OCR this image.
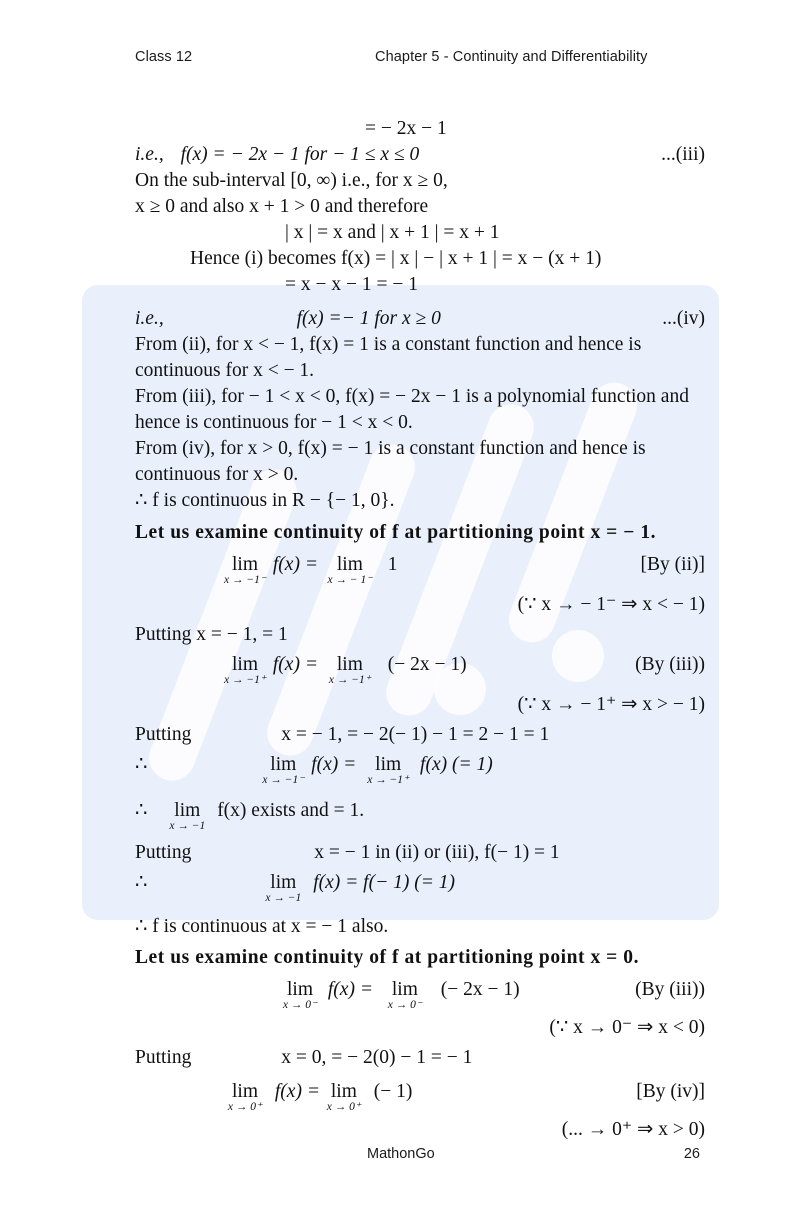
Class 12	Chapter 5 - Continuity and Differentiability
= − 2x − 1
i.e., f(x) = − 2x − 1 for − 1 ≤ x ≤ 0	...(iii)
On the sub-interval [0, ∞) i.e., for x ≥ 0,
x ≥ 0 and also x + 1 > 0 and therefore
| x | = x and | x + 1 | = x + 1
Hence (i) becomes f(x) = | x | − | x + 1 | = x − (x + 1)
= x − x − 1 = − 1
i.e.,	f(x) =− 1 for x ≥ 0	...(iv)
From (ii), for x < − 1, f(x) = 1 is a constant function and hence is continuous for x < − 1.
From (iii), for − 1 < x < 0, f(x) = − 2x − 1 is a polynomial function and hence is continuous for − 1 < x < 0.
From (iv), for x > 0, f(x) = − 1 is a constant function and hence is continuous for x > 0.
∴ f is continuous in R − {− 1, 0}.
Let us examine continuity of f at partitioning point x = − 1.
lim
x → −1⁻
f(x) = lim
x → − 1⁻
1	[By (ii)]
(∵ x → − 1⁻ ⇒ x < − 1)
Putting x = − 1, = 1
lim
x → −1⁺
f(x) = lim
x → −1⁺
(− 2x − 1)	(By (iii))
(∵ x → − 1⁺ ⇒ x > − 1)
Putting	x = − 1, = − 2(− 1) − 1 = 2 − 1 = 1
∴	lim
x → −1⁻
f(x) = lim
x → −1⁺
f(x) (= 1)
∴ lim
x → −1
f(x) exists and = 1.
Putting	x = − 1 in (ii) or (iii), f(− 1) = 1
∴	lim
x → −1
f(x) = f(− 1) (= 1)
∴ f is continuous at x = − 1 also.
Let us examine continuity of f at partitioning point x = 0.
lim
x → 0⁻
f(x) = lim
x → 0⁻
(− 2x − 1)	(By (iii))
(∵ x → 0⁻ ⇒ x < 0)
Putting	x = 0, = − 2(0) − 1 = − 1
lim
x → 0⁺
f(x) = lim
x → 0⁺
(− 1)	[By (iv)]
(... → 0⁺ ⇒ x > 0)
MathonGo	26
